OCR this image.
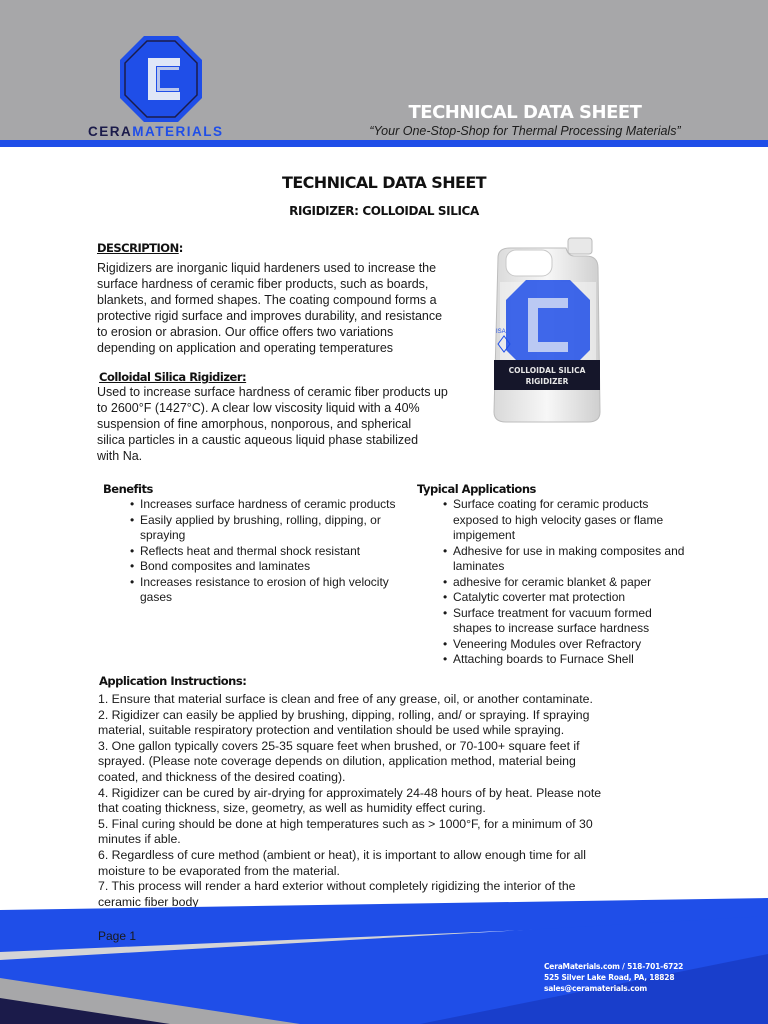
CERAMATERIALS
TECHNICAL DATA SHEET
“Your One-Stop-Shop for Thermal Processing Materials”
TECHNICAL DATA SHEET
RIGIDIZER: COLLOIDAL SILICA
DESCRIPTION:
Rigidizers are inorganic liquid hardeners used to increase the
surface hardness of ceramic fiber products, such as boards,
blankets, and formed shapes. The coating compound forms a
protective rigid surface and improves durability, and resistance
to erosion or abrasion. Our office offers two variations
depending on application and operating temperatures
Colloidal Silica Rigidizer:
Used to increase surface hardness of ceramic fiber products up
to 2600°F (1427°C). A clear low viscosity liquid with a 40%
suspension of fine amorphous, nonporous, and spherical
silica particles in a caustic aqueous liquid phase stabilized
with Na.
ISA
COLLOIDAL SILICA
RIGIDIZER
Benefits
• Increases surface hardness of ceramic products
• Easily applied by brushing, rolling, dipping, or spraying
• Reflects heat and thermal shock resistant
• Bond composites and laminates
• Increases resistance to erosion of high velocity gases
Typical Applications
• Surface coating for ceramic products exposed to high velocity gases or flame impigement
• Adhesive for use in making composites and laminates
• adhesive for ceramic blanket & paper
• Catalytic coverter mat protection
• Surface treatment for vacuum formed shapes to increase surface hardness
• Veneering Modules over Refractory
• Attaching boards to Furnace Shell
Application Instructions:

1. Ensure that material surface is clean and free of any grease, oil, or another contaminate.

2. Rigidizer can easily be applied by brushing, dipping, rolling, and/ or spraying. If spraying

material, suitable respiratory protection and ventilation should be used while spraying.

3. One gallon typically covers 25-35 square feet when brushed, or 70-100+ square feet if

sprayed. (Please note coverage depends on dilution, application method, material being

coated, and thickness of the desired coating).

4. Rigidizer can be cured by air-drying for approximately 24-48 hours of by heat. Please note

that coating thickness, size, geometry, as well as humidity effect curing.

5. Final curing should be done at high temperatures such as > 1000°F, for a minimum of 30

minutes if able.

6. Regardless of cure method (ambient or heat), it is important to allow enough time for all

moisture to be evaporated from the material.

7. This process will render a hard exterior without completely rigidizing the interior of the

ceramic fiber body

Page 1
CeraMaterials.com / 518-701-6722
525 Silver Lake Road, PA, 18828
sales@ceramaterials.com
